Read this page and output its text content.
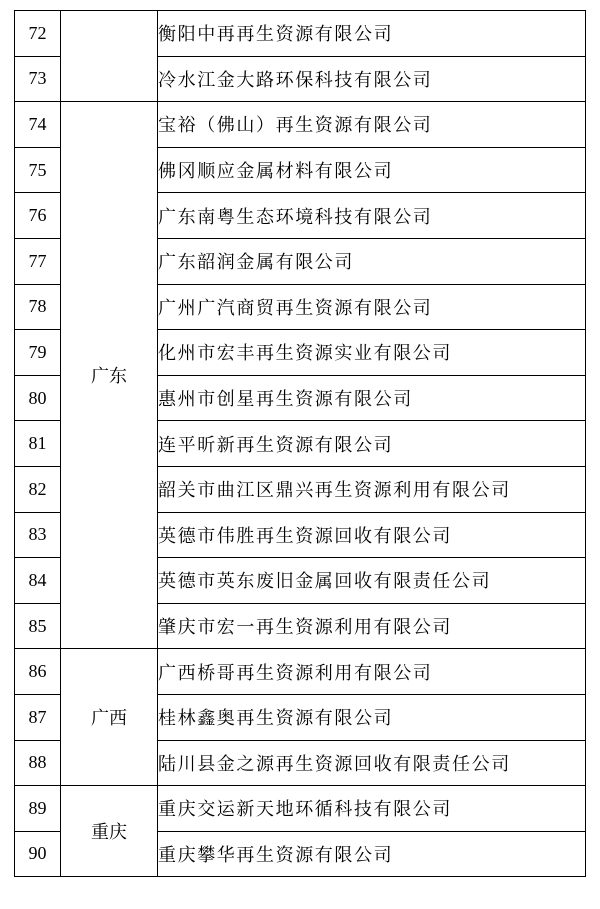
72		衡阳中再再生资源有限公司
73		冷水江金大路环保科技有限公司
74	广东	宝裕（佛山）再生资源有限公司
75		佛冈顺应金属材料有限公司
76		广东南粤生态环境科技有限公司
77		广东韶润金属有限公司
78		广州广汽商贸再生资源有限公司
79		化州市宏丰再生资源实业有限公司
80		惠州市创星再生资源有限公司
81		连平昕新再生资源有限公司
82		韶关市曲江区鼎兴再生资源利用有限公司
83		英德市伟胜再生资源回收有限公司
84		英德市英东废旧金属回收有限责任公司
85		肇庆市宏一再生资源利用有限公司
86	广西	广西桥哥再生资源利用有限公司
87		桂林鑫奥再生资源有限公司
88		陆川县金之源再生资源回收有限责任公司
89	重庆	重庆交运新天地环循科技有限公司
90		重庆攀华再生资源有限公司
